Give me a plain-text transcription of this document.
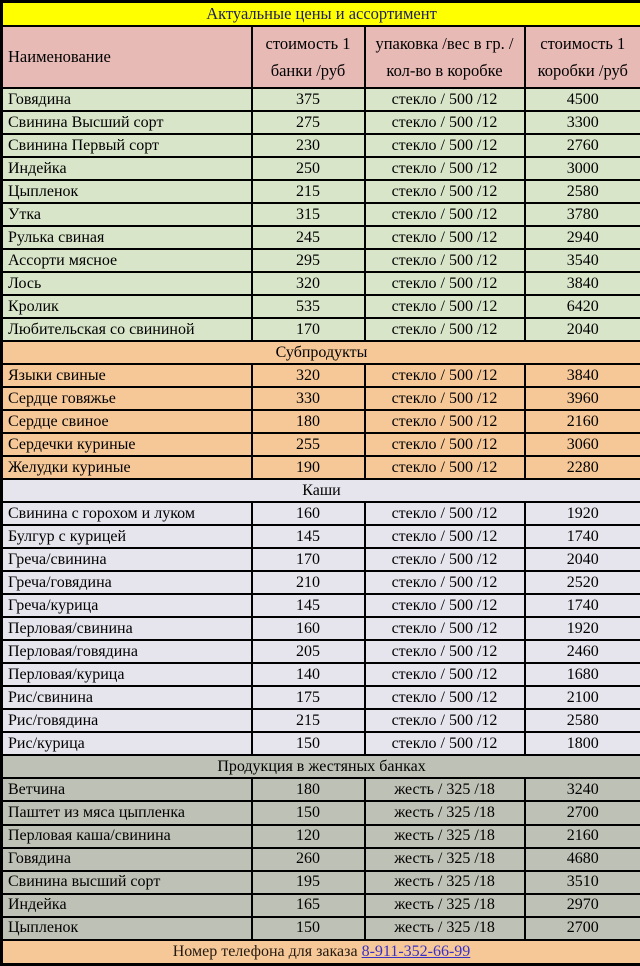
Актуальные цены и ассортимент			
Наименование	стоимость 1 банки /руб	упаковка /вес в гр. / кол-во в коробке	стоимость 1 коробки /руб
Говядина	375	стекло / 500 /12	4500
Свинина Высший сорт	275	стекло / 500 /12	3300
Свинина Первый сорт	230	стекло / 500 /12	2760
Индейка	250	стекло / 500 /12	3000
Цыпленок	215	стекло / 500 /12	2580
Утка	315	стекло / 500 /12	3780
Рулька свиная	245	стекло / 500 /12	2940
Ассорти мясное	295	стекло / 500 /12	3540
Лось	320	стекло / 500 /12	3840
Кролик	535	стекло / 500 /12	6420
Любительская со свининой	170	стекло / 500 /12	2040
Субпродукты			
Языки свиные	320	стекло / 500 /12	3840
Сердце говяжье	330	стекло / 500 /12	3960
Сердце свиное	180	стекло / 500 /12	2160
Сердечки куриные	255	стекло / 500 /12	3060
Желудки куриные	190	стекло / 500 /12	2280
Каши			
Свинина с горохом и луком	160	стекло / 500 /12	1920
Булгур с курицей	145	стекло / 500 /12	1740
Греча/свинина	170	стекло / 500 /12	2040
Греча/говядина	210	стекло / 500 /12	2520
Греча/курица	145	стекло / 500 /12	1740
Перловая/свинина	160	стекло / 500 /12	1920
Перловая/говядина	205	стекло / 500 /12	2460
Перловая/курица	140	стекло / 500 /12	1680
Рис/свинина	175	стекло / 500 /12	2100
Рис/говядина	215	стекло / 500 /12	2580
Рис/курица	150	стекло / 500 /12	1800
Продукция в жестяных банках			
Ветчина	180	жесть / 325 /18	3240
Паштет из мяса цыпленка	150	жесть / 325 /18	2700
Перловая каша/свинина	120	жесть / 325 /18	2160
Говядина	260	жесть / 325 /18	4680
Свинина высший сорт	195	жесть / 325 /18	3510
Индейка	165	жесть / 325 /18	2970
Цыпленок	150	жесть / 325 /18	2700
Номер телефона для заказа 8-911-352-66-99			
